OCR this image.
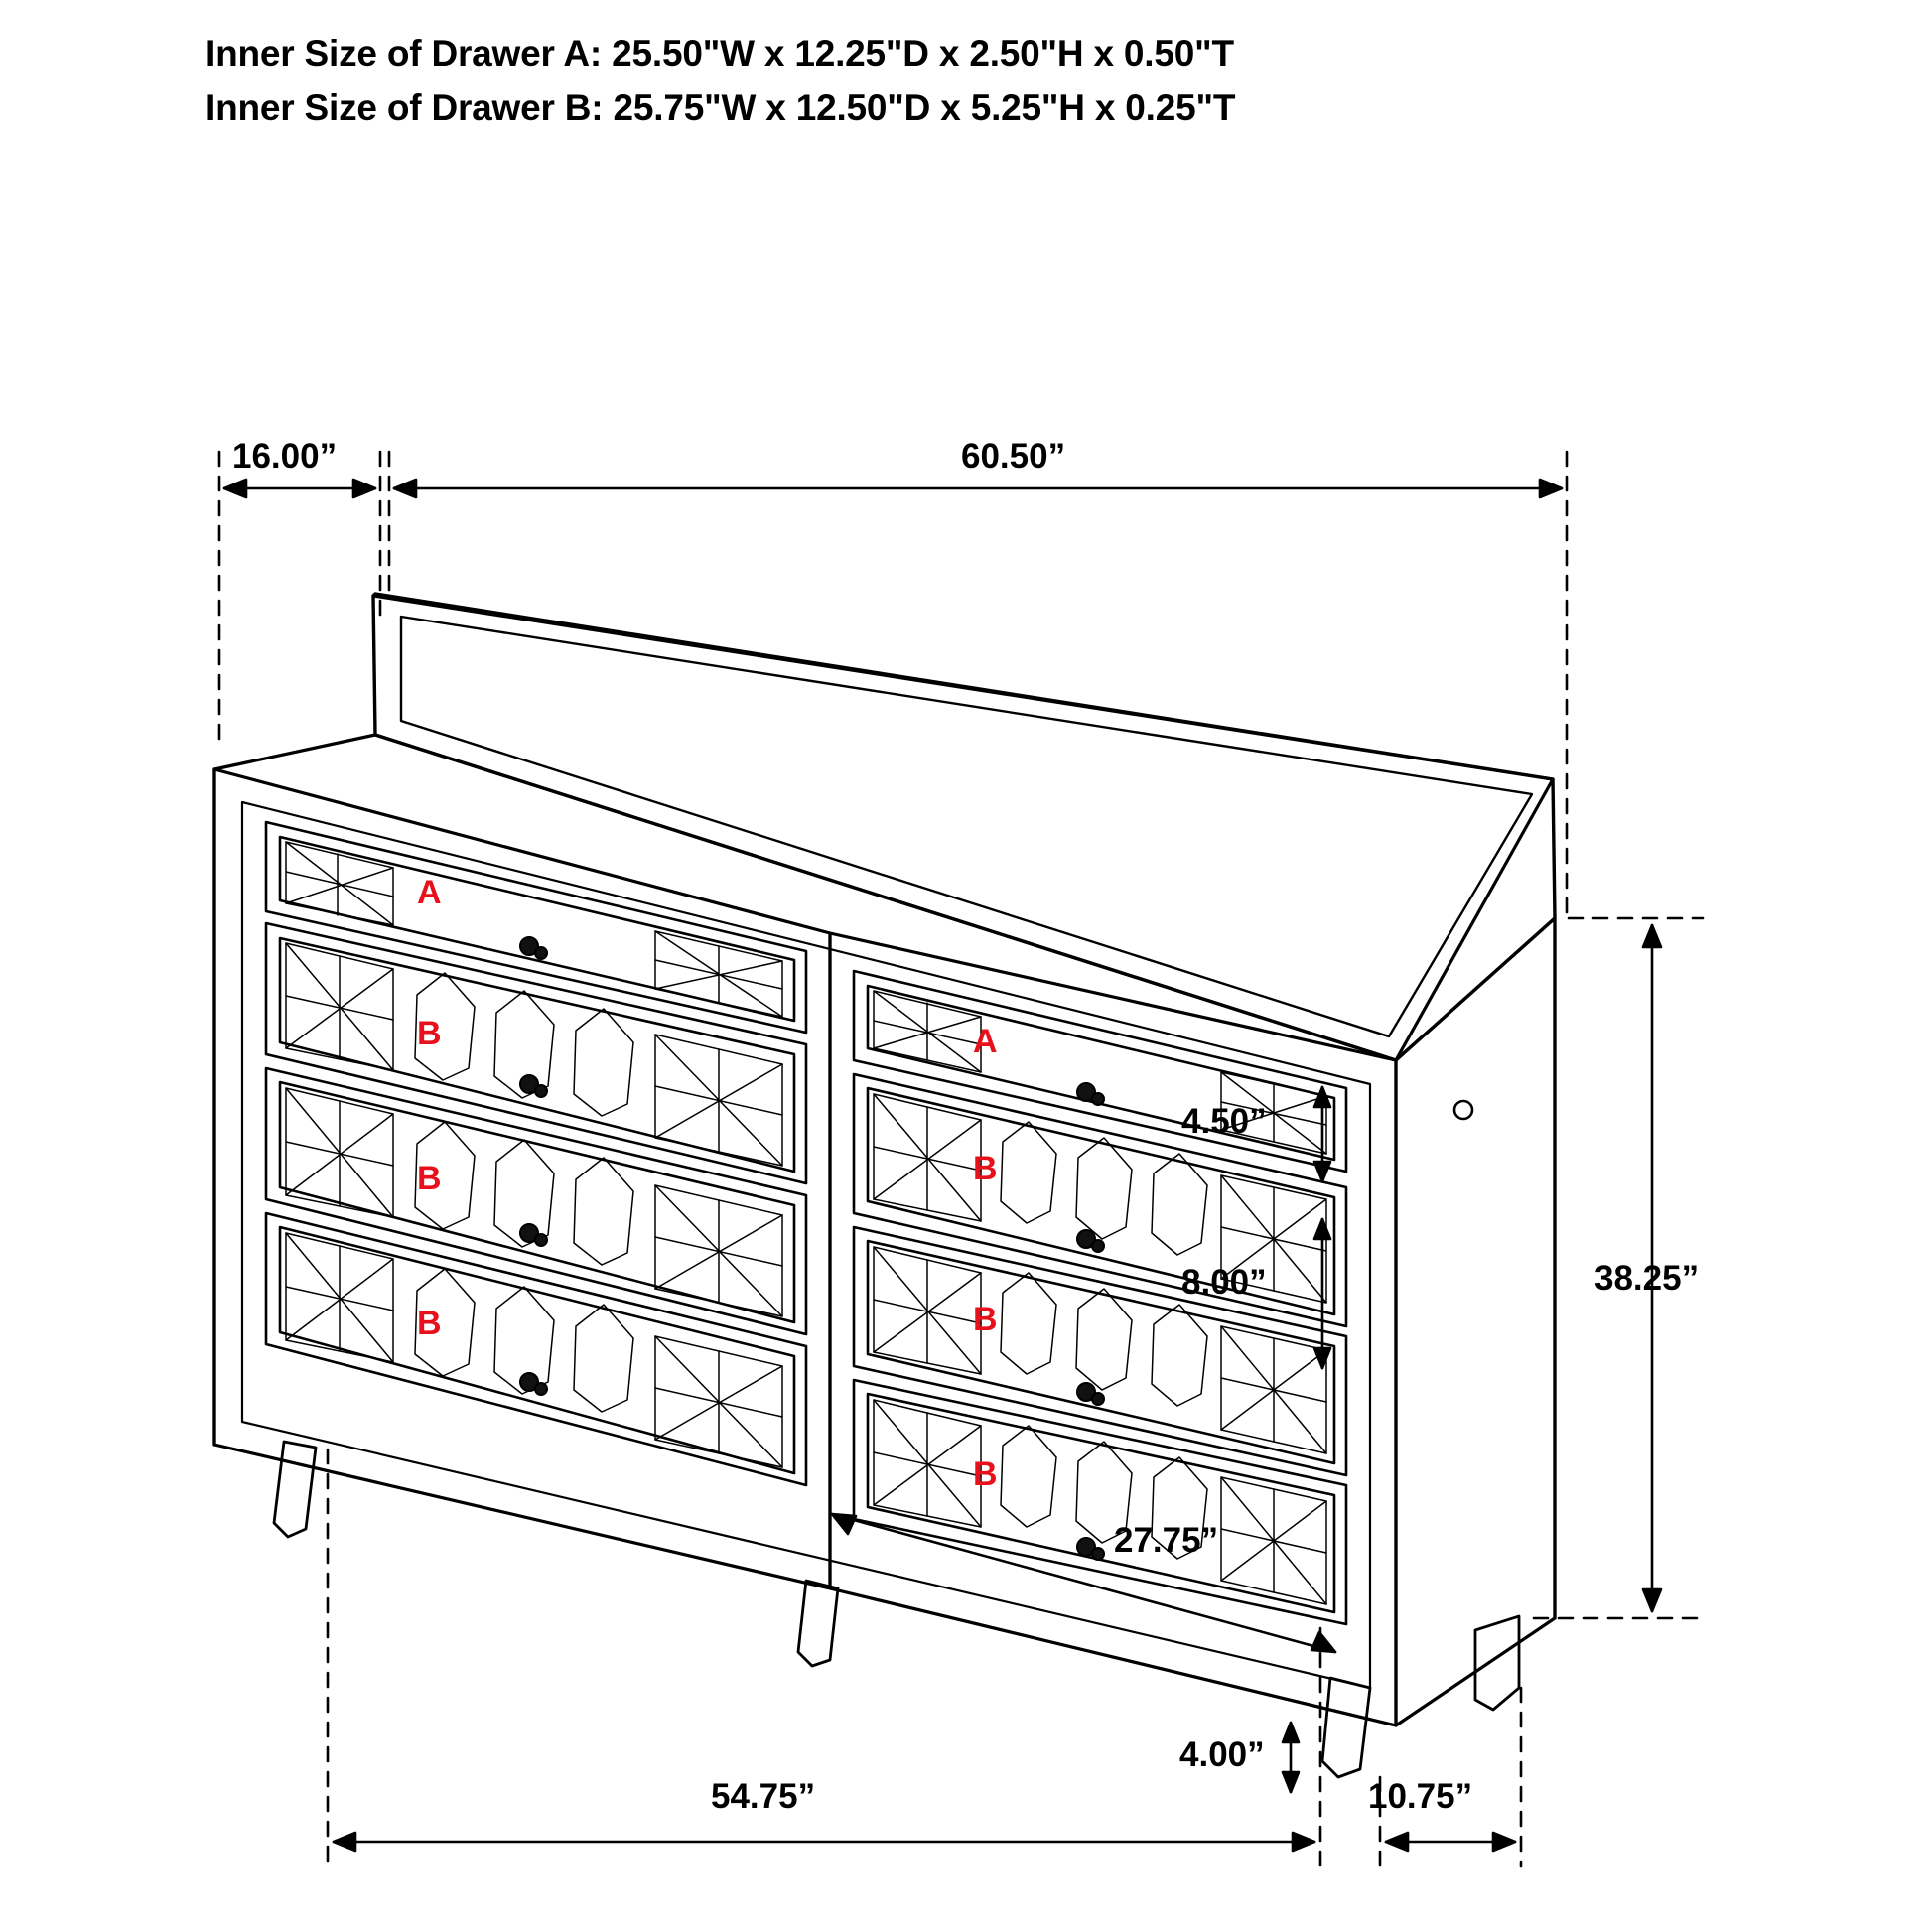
Inner Size of Drawer A: 25.50"W x 12.25"D x 2.50"H x 0.50"T
Inner Size of Drawer B: 25.75"W x 12.50"D x 5.25"H x 0.25"T
16.00”	60.50”
38.25”
4.50”
8.00”
27.75”
4.00”
54.75”	10.75”
A
B
B
B
A
B
B
B
